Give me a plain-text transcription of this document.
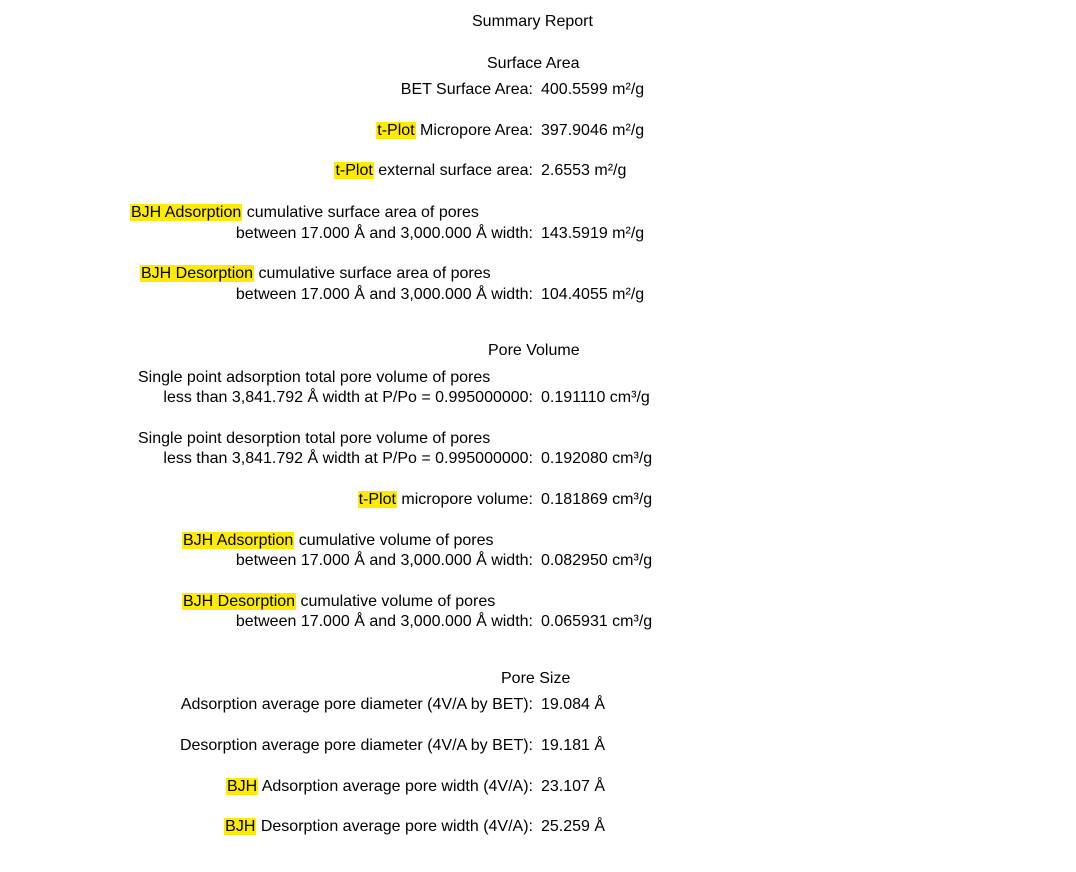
Summary Report
Surface Area
BET Surface Area: 400.5599 m²/g
t-Plot Micropore Area: 397.9046 m²/g
t-Plot external surface area: 2.6553 m²/g
BJH Adsorption cumulative surface area of pores
between 17.000 Å and 3,000.000 Å width: 143.5919 m²/g
BJH Desorption cumulative surface area of pores
between 17.000 Å and 3,000.000 Å width: 104.4055 m²/g
Pore Volume
Single point adsorption total pore volume of pores
less than 3,841.792 Å width at P/Po = 0.995000000: 0.191110 cm³/g
Single point desorption total pore volume of pores
less than 3,841.792 Å width at P/Po = 0.995000000: 0.192080 cm³/g
t-Plot micropore volume: 0.181869 cm³/g
BJH Adsorption cumulative volume of pores
between 17.000 Å and 3,000.000 Å width: 0.082950 cm³/g
BJH Desorption cumulative volume of pores
between 17.000 Å and 3,000.000 Å width: 0.065931 cm³/g
Pore Size
Adsorption average pore diameter (4V/A by BET): 19.084 Å
Desorption average pore diameter (4V/A by BET): 19.181 Å
BJH Adsorption average pore width (4V/A): 23.107 Å
BJH Desorption average pore width (4V/A): 25.259 Å
